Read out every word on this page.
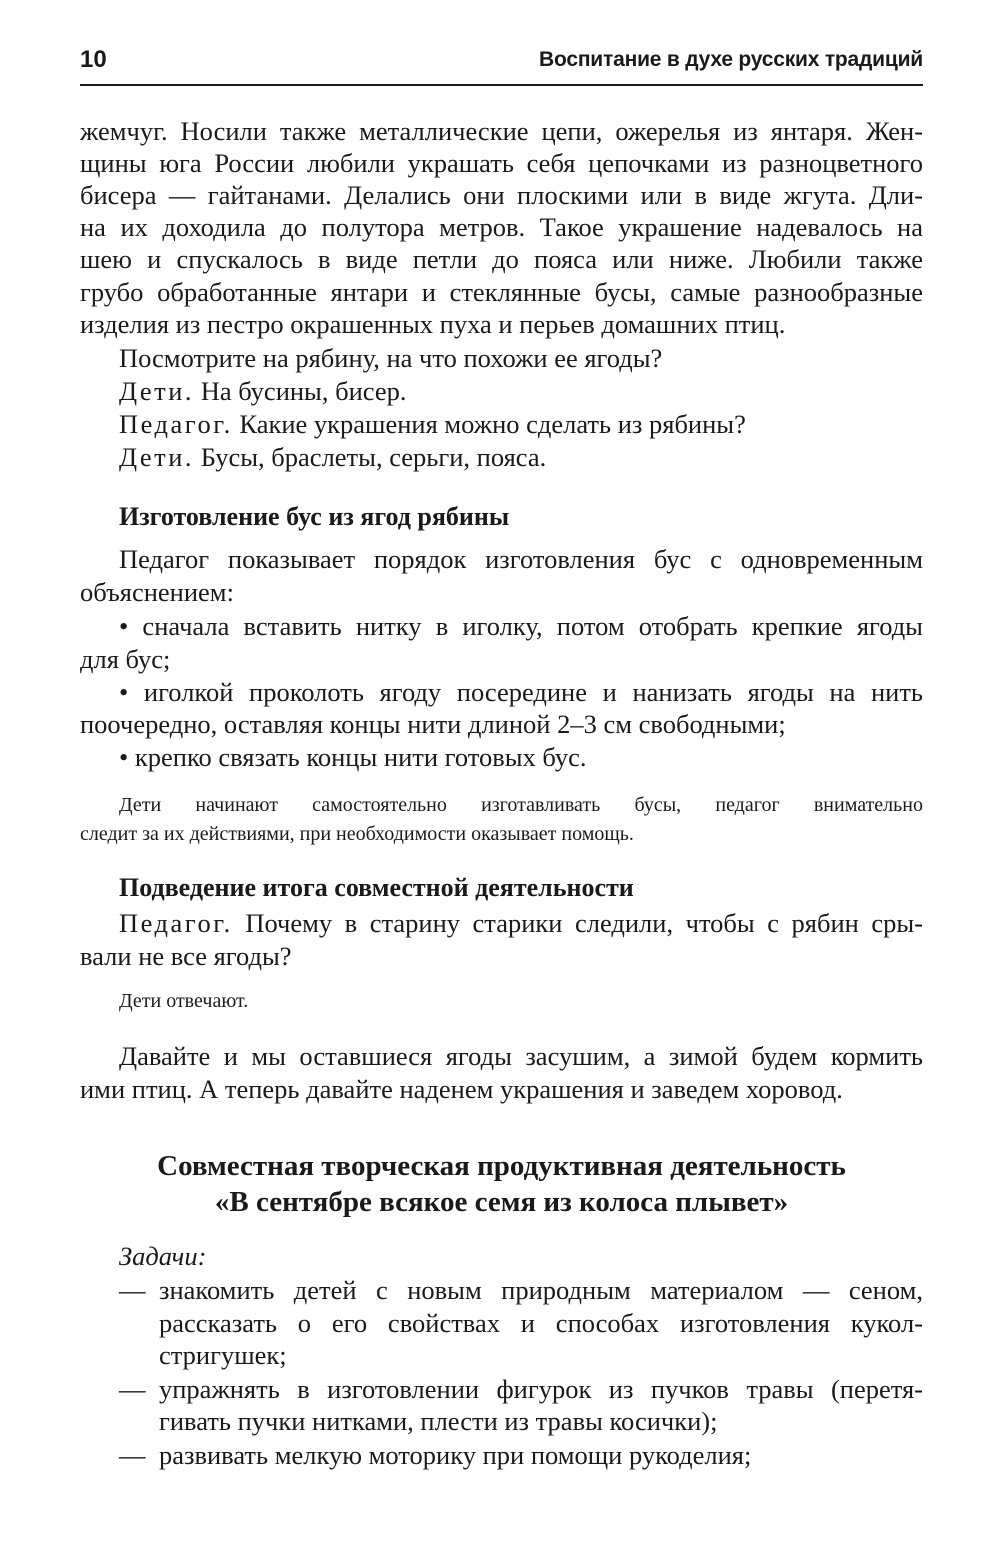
10	Воспитание в духе русских традиций
жемчуг. Носили также металлические цепи, ожерелья из янтаря. Жен-
щины юга России любили украшать себя цепочками из разноцветного
бисера — гайтанами. Делались они плоскими или в виде жгута. Дли-
на их доходила до полутора метров. Такое украшение надевалось на
шею и спускалось в виде петли до пояса или ниже. Любили также
грубо обработанные янтари и стеклянные бусы, самые разнообразные
изделия из пестро окрашенных пуха и перьев домашних птиц.
Посмотрите на рябину, на что похожи ее ягоды?
Дети. На бусины, бисер.
Педагог. Какие украшения можно сделать из рябины?
Дети. Бусы, браслеты, серьги, пояса.
Изготовление бус из ягод рябины
Педагог показывает порядок изготовления бус с одновременным
объяснением:
• сначала вставить нитку в иголку, потом отобрать крепкие ягоды
для бус;
• иголкой проколоть ягоду посередине и нанизать ягоды на нить
поочередно, оставляя концы нити длиной 2–3 см свободными;
• крепко связать концы нити готовых бус.
Дети начинают самостоятельно изготавливать бусы, педагог внимательно
следит за их действиями, при необходимости оказывает помощь.
Подведение итога совместной деятельности
Педагог. Почему в старину старики следили, чтобы с рябин сры-
вали не все ягоды?
Дети отвечают.
Давайте и мы оставшиеся ягоды засушим, а зимой будем кормить
ими птиц. А теперь давайте наденем украшения и заведем хоровод.
Совместная творческая продуктивная деятельность
«В сентябре всякое семя из колоса плывет»
Задачи:
— знакомить детей с новым природным материалом — сеном,
рассказать о его свойствах и способах изготовления кукол-
стригушек;
— упражнять в изготовлении фигурок из пучков травы (перетя-
гивать пучки нитками, плести из травы косички);
— развивать мелкую моторику при помощи рукоделия;
